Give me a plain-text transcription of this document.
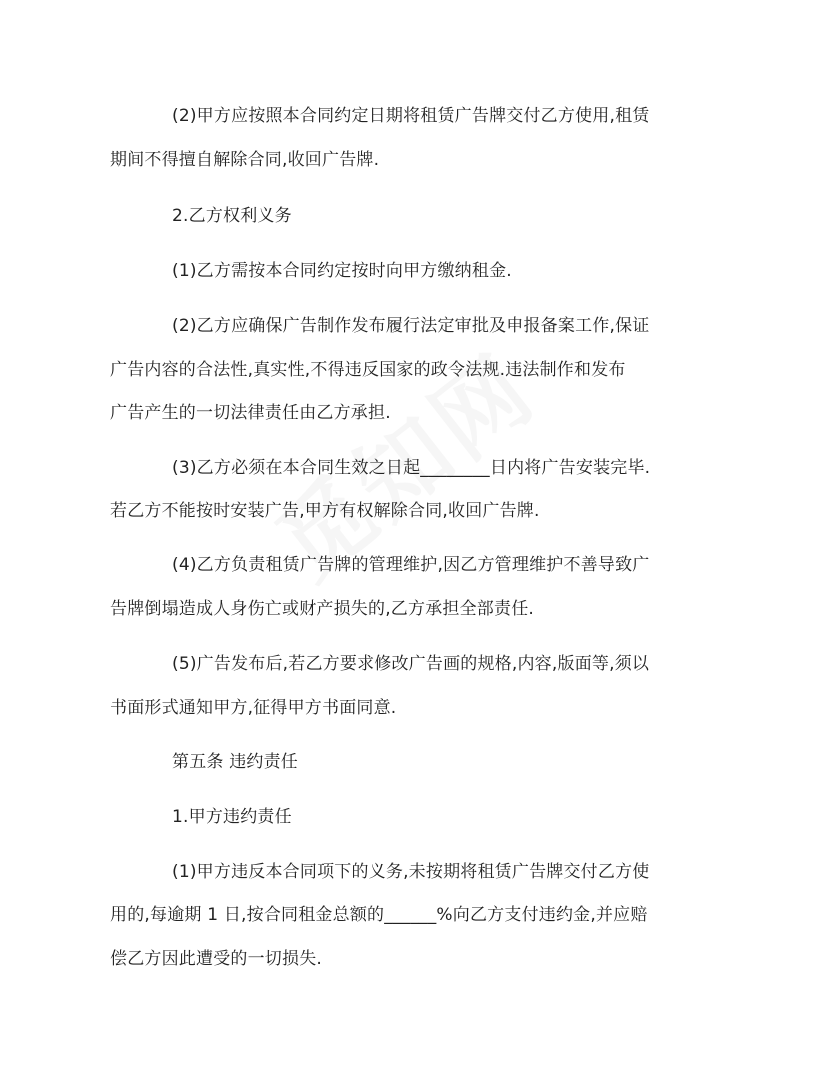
(2)甲方应按照本合同约定日期将租赁广告牌交付乙方使用,租赁
期间不得擅自解除合同,收回广告牌.
2.乙方权利义务
(1)乙方需按本合同约定按时向甲方缴纳租金.
(2)乙方应确保广告制作发布履行法定审批及申报备案工作,保证
广告内容的合法性,真实性,不得违反国家的政令法规.违法制作和发布
广告产生的一切法律责任由乙方承担.
(3)乙方必须在本合同生效之日起________日内将广告安装完毕.
若乙方不能按时安装广告,甲方有权解除合同,收回广告牌.
(4)乙方负责租赁广告牌的管理维护,因乙方管理维护不善导致广
告牌倒塌造成人身伤亡或财产损失的,乙方承担全部责任.
(5)广告发布后,若乙方要求修改广告画的规格,内容,版面等,须以
书面形式通知甲方,征得甲方书面同意.
第五条 违约责任
1.甲方违约责任
(1)甲方违反本合同项下的义务,未按期将租赁广告牌交付乙方使
用的,每逾期 1 日,按合同租金总额的______%向乙方支付违约金,并应赔
偿乙方因此遭受的一切损失.
